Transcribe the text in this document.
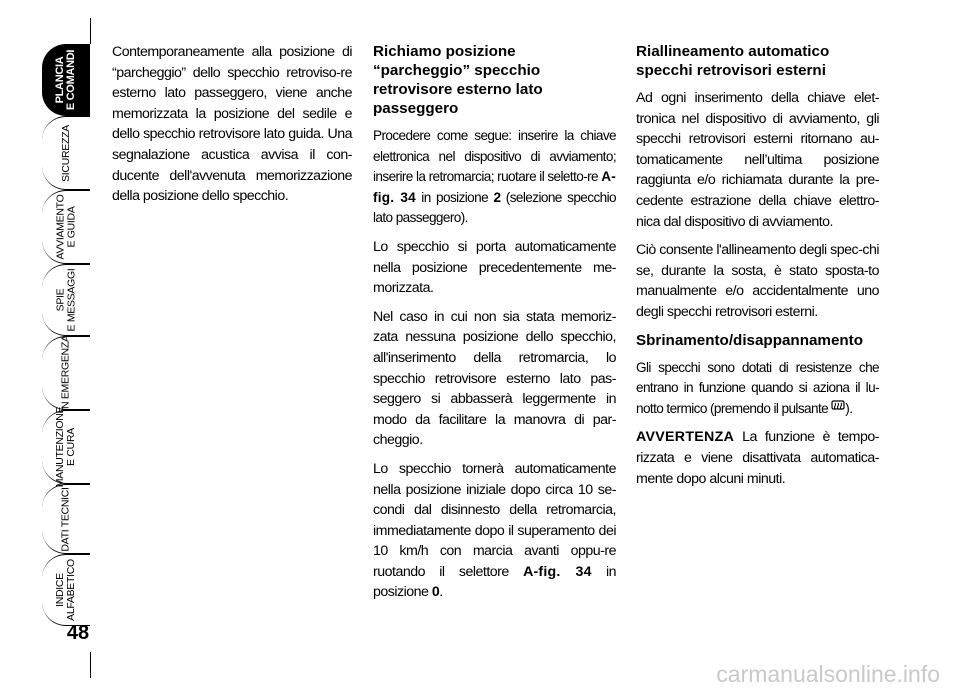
PLANCIA
E COMANDI
SICUREZZA
AVVIAMENTO
E GUIDA
SPIE
E MESSAGGI
IN EMERGENZA
MANUTENZIONE
E CURA
DATI TECNICI
INDICE
ALFABETICO
48

Contemporaneamente alla posizione di “parcheggio” dello specchio retroviso-re esterno lato passeggero, viene anche memorizzata la posizione del sedile e dello specchio retrovisore lato guida. Una segnalazione acustica avvisa il con-ducente dell'avvenuta memorizzazione della posizione dello specchio.

Richiamo posizione “parcheggio” specchio retrovisore esterno lato passeggero

Procedere come segue: inserire la chiave elettronica nel dispositivo di avviamento; inserire la retromarcia; ruotare il seletto-re A-fig. 34 in posizione 2 (selezione specchio lato passeggero).

Lo specchio si porta automaticamente nella posizione precedentemente me-morizzata.

Nel caso in cui non sia stata memoriz-zata nessuna posizione dello specchio, all'inserimento della retromarcia, lo specchio retrovisore esterno lato pas-seggero si abbasserà leggermente in modo da facilitare la manovra di par-cheggio.

Lo specchio tornerà automaticamente nella posizione iniziale dopo circa 10 se-condi dal disinnesto della retromarcia, immediatamente dopo il superamento dei 10 km/h con marcia avanti oppu-re ruotando il selettore A-fig. 34 in posizione 0.

Riallineamento automatico specchi retrovisori esterni

Ad ogni inserimento della chiave elet-tronica nel dispositivo di avviamento, gli specchi retrovisori esterni ritornano au-tomaticamente nell’ultima posizione raggiunta e/o richiamata durante la pre-cedente estrazione della chiave elettro-nica dal dispositivo di avviamento.

Ciò consente l'allineamento degli spec-chi se, durante la sosta, è stato sposta-to manualmente e/o accidentalmente uno degli specchi retrovisori esterni.

Sbrinamento/disappannamento

Gli specchi sono dotati di resistenze che entrano in funzione quando si aziona il lu-notto termico (premendo il pulsante ).

AVVERTENZA La funzione è tempo-rizzata e viene disattivata automatica-mente dopo alcuni minuti.

carmanualsonline.info
